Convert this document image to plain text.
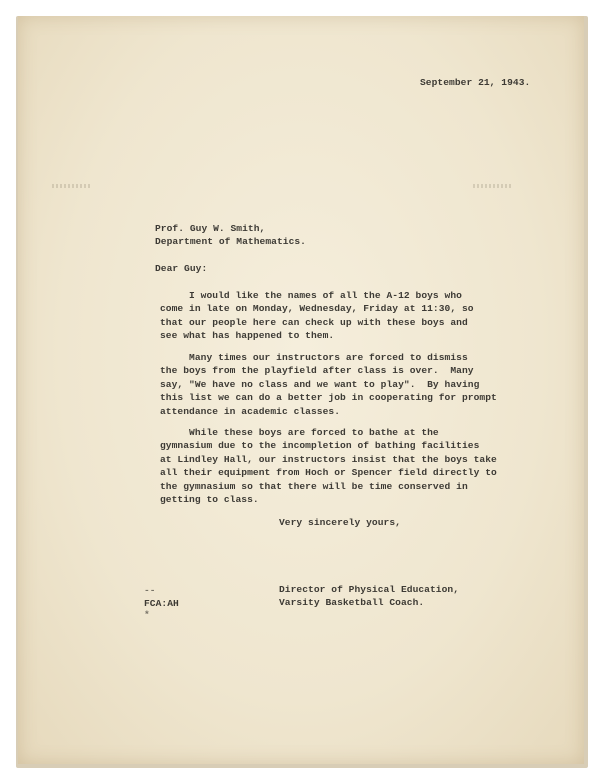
September 21, 1943.
Prof. Guy W. Smith,
Department of Mathematics.
Dear Guy:
I would like the names of all the A-12 boys who
come in late on Monday, Wednesday, Friday at 11:30, so
that our people here can check up with these boys and
see what has happened to them.
Many times our instructors are forced to dismiss
the boys from the playfield after class is over.  Many
say, "We have no class and we want to play".  By having
this list we can do a better job in cooperating for prompt
attendance in academic classes.
While these boys are forced to bathe at the
gymnasium due to the incompletion of bathing facilities
at Lindley Hall, our instructors insist that the boys take
all their equipment from Hoch or Spencer field directly to
the gymnasium so that there will be time conserved in
getting to class.
Very sincerely yours,
Director of Physical Education,
Varsity Basketball Coach.
--
FCA:AH
*
